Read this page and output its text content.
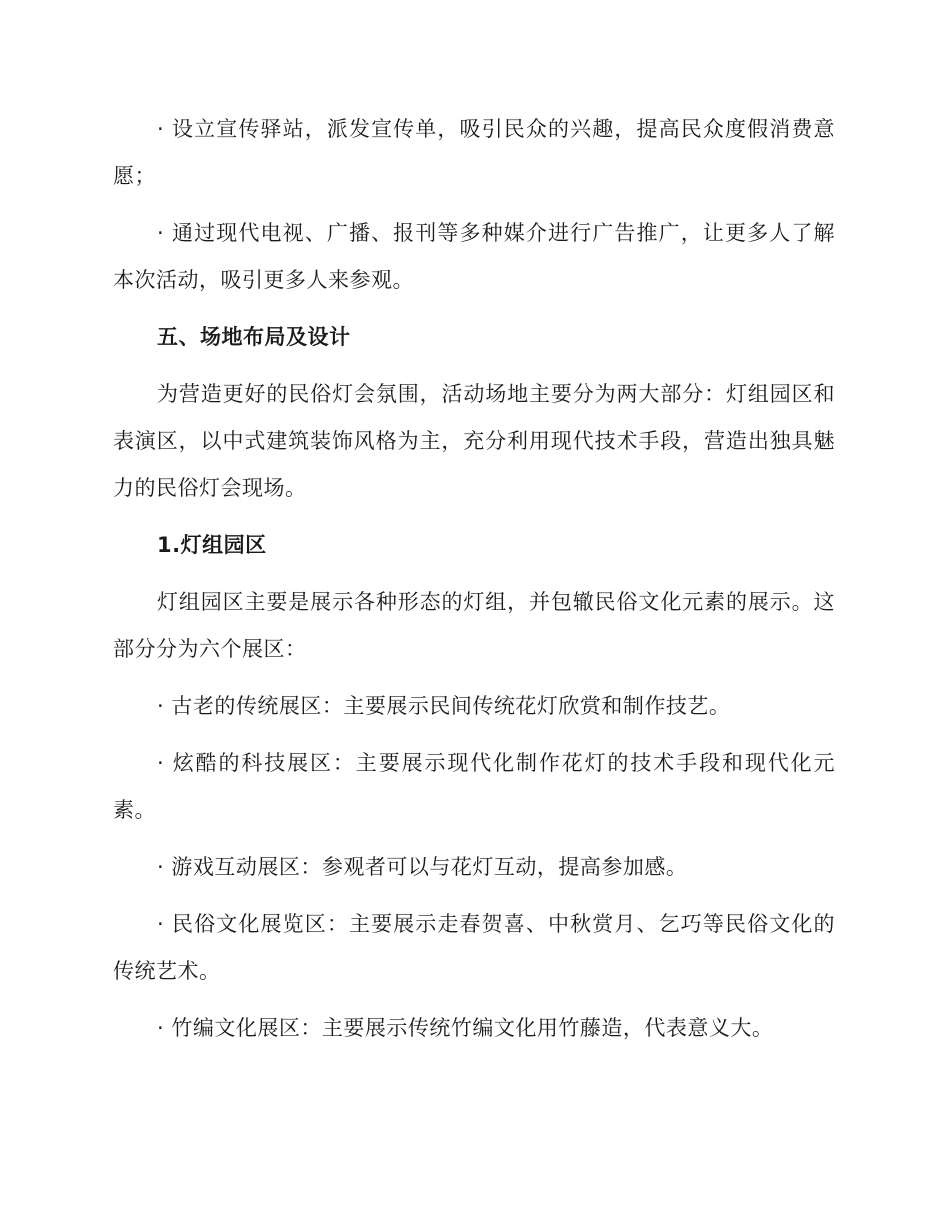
· 设立宣传驿站，派发宣传单，吸引民众的兴趣，提高民众度假消费意愿；

· 通过现代电视、广播、报刊等多种媒介进行广告推广，让更多人了解本次活动，吸引更多人来参观。

五、场地布局及设计

为营造更好的民俗灯会氛围，活动场地主要分为两大部分：灯组园区和表演区，以中式建筑装饰风格为主，充分利用现代技术手段，营造出独具魅力的民俗灯会现场。

1.灯组园区

灯组园区主要是展示各种形态的灯组，并包辙民俗文化元素的展示。这部分分为六个展区：

· 古老的传统展区：主要展示民间传统花灯欣赏和制作技艺。

· 炫酷的科技展区：主要展示现代化制作花灯的技术手段和现代化元素。

· 游戏互动展区：参观者可以与花灯互动，提高参加感。

· 民俗文化展览区：主要展示走春贺喜、中秋赏月、乞巧等民俗文化的传统艺术。

· 竹编文化展区：主要展示传统竹编文化用竹藤造，代表意义大。
